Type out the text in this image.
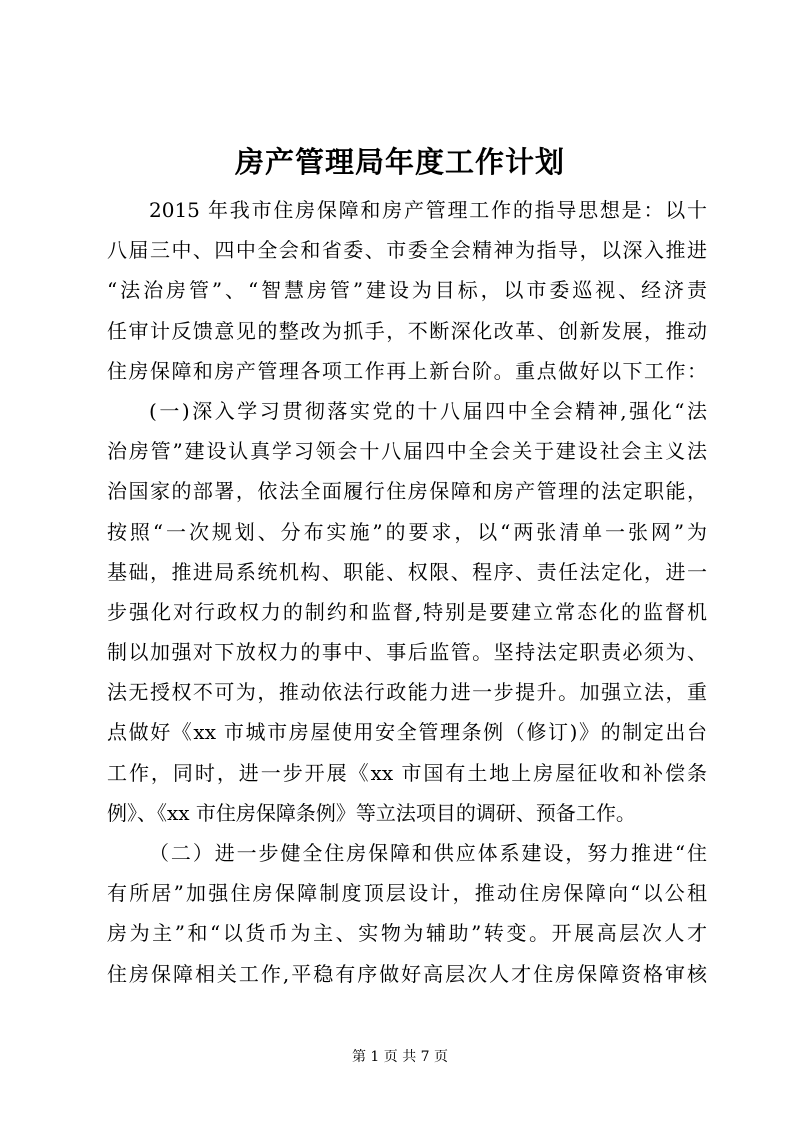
房产管理局年度工作计划
2015 年我市住房保障和房产管理工作的指导思想是：以十
八届三中、四中全会和省委、市委全会精神为指导，以深入推进
“法治房管”、“智慧房管”建设为目标，以市委巡视、经济责
任审计反馈意见的整改为抓手，不断深化改革、创新发展，推动
住房保障和房产管理各项工作再上新台阶。重点做好以下工作：
(一)深入学习贯彻落实党的十八届四中全会精神,强化“法
治房管”建设认真学习领会十八届四中全会关于建设社会主义法
治国家的部署，依法全面履行住房保障和房产管理的法定职能，
按照“一次规划、分布实施”的要求，以“两张清单一张网”为
基础，推进局系统机构、职能、权限、程序、责任法定化，进一
步强化对行政权力的制约和监督,特别是要建立常态化的监督机
制以加强对下放权力的事中、事后监管。坚持法定职责必须为、
法无授权不可为，推动依法行政能力进一步提升。加强立法，重
点做好《xx 市城市房屋使用安全管理条例（修订)》的制定出台
工作，同时，进一步开展《xx 市国有土地上房屋征收和补偿条
例》、《xx 市住房保障条例》等立法项目的调研、预备工作。
（二）进一步健全住房保障和供应体系建设，努力推进“住
有所居”加强住房保障制度顶层设计，推动住房保障向“以公租
房为主”和“以货币为主、实物为辅助”转变。开展高层次人才
住房保障相关工作,平稳有序做好高层次人才住房保障资格审核
第 1 页 共 7 页
